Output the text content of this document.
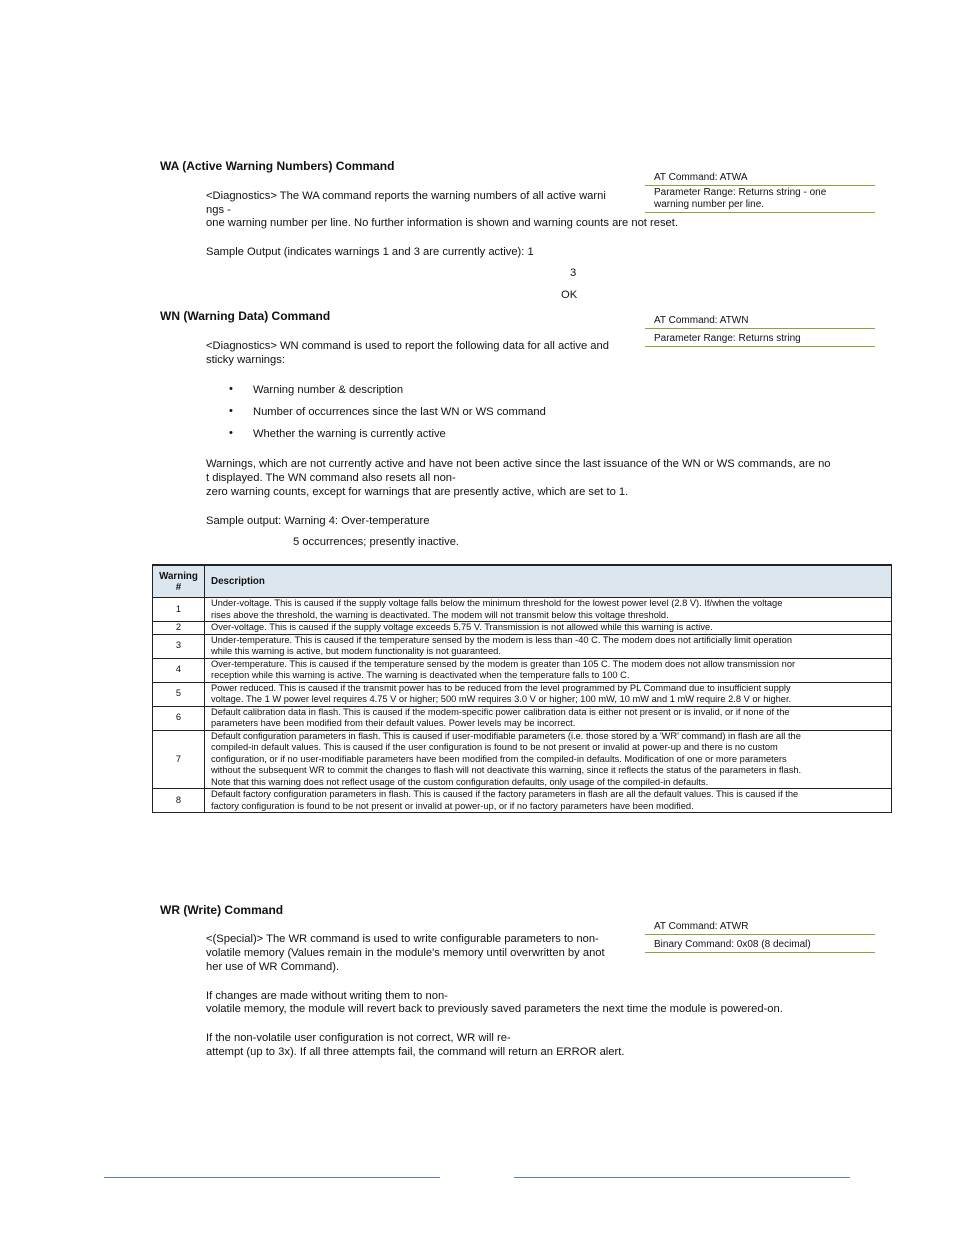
WA (Active Warning Numbers) Command
AT Command: ATWA
Parameter Range: Returns string - one
warning number per line.
<Diagnostics> The WA command reports the warning numbers of all active warni
ngs -
one warning number per line. No further information is shown and warning counts are not reset.
Sample Output (indicates warnings 1 and 3 are currently active): 1
3
OK
WN (Warning Data) Command	AT Command: ATWN
Parameter Range: Returns string
<Diagnostics> WN command is used to report the following data for all active and
sticky warnings:
• Warning number & description
• Number of occurrences since the last WN or WS command
• Whether the warning is currently active
Warnings, which are not currently active and have not been active since the last issuance of the WN or WS commands, are no
t displayed. The WN command also resets all non-
zero warning counts, except for warnings that are presently active, which are set to 1.
Sample output: Warning 4: Over-temperature
5 occurrences; presently inactive.
Warning
#	Description
1	Under-voltage. This is caused if the supply voltage falls below the minimum threshold for the lowest power level (2.8 V). If/when the voltage
rises above the threshold, the warning is deactivated. The modem will not transmit below this voltage threshold.

2	Over-voltage. This is caused if the supply voltage exceeds 5.75 V. Transmission is not allowed while this warning is active.

3	Under-temperature. This is caused if the temperature sensed by the modem is less than -40 C. The modem does not artificially limit operation
while this warning is active, but modem functionality is not guaranteed.

4	Over-temperature. This is caused if the temperature sensed by the modem is greater than 105 C. The modem does not allow transmission nor
reception while this warning is active. The warning is deactivated when the temperature falls to 100 C.

5	Power reduced. This is caused if the transmit power has to be reduced from the level programmed by PL Command due to insufficient supply
voltage. The 1 W power level requires 4.75 V or higher; 500 mW requires 3.0 V or higher; 100 mW, 10 mW and 1 mW require 2.8 V or higher.

6	Default calibration data in flash. This is caused if the modem-specific power calibration data is either not present or is invalid, or if none of the
parameters have been modified from their default values. Power levels may be incorrect.

7	Default configuration parameters in flash. This is caused if user-modifiable parameters (i.e. those stored by a 'WR' command) in flash are all the
compiled-in default values. This is caused if the user configuration is found to be not present or invalid at power-up and there is no custom
configuration, or if no user-modifiable parameters have been modified from the compiled-in defaults. Modification of one or more parameters
without the subsequent WR to commit the changes to flash will not deactivate this warning, since it reflects the status of the parameters in flash.
Note that this warning does not reflect usage of the custom configuration defaults, only usage of the compiled-in defaults.

8	Default factory configuration parameters in flash. This is caused if the factory parameters in flash are all the default values. This is caused if the
factory configuration is found to be not present or invalid at power-up, or if no factory parameters have been modified.
WR (Write) Command
AT Command: ATWR
Binary Command: 0x08 (8 decimal)
<(Special)> The WR command is used to write configurable parameters to non-
volatile memory (Values remain in the module's memory until overwritten by anot
her use of WR Command).
If changes are made without writing them to non-
volatile memory, the module will revert back to previously saved parameters the next time the module is powered-on.
If the non-volatile user configuration is not correct, WR will re-
attempt (up to 3x). If all three attempts fail, the command will return an ERROR alert.
